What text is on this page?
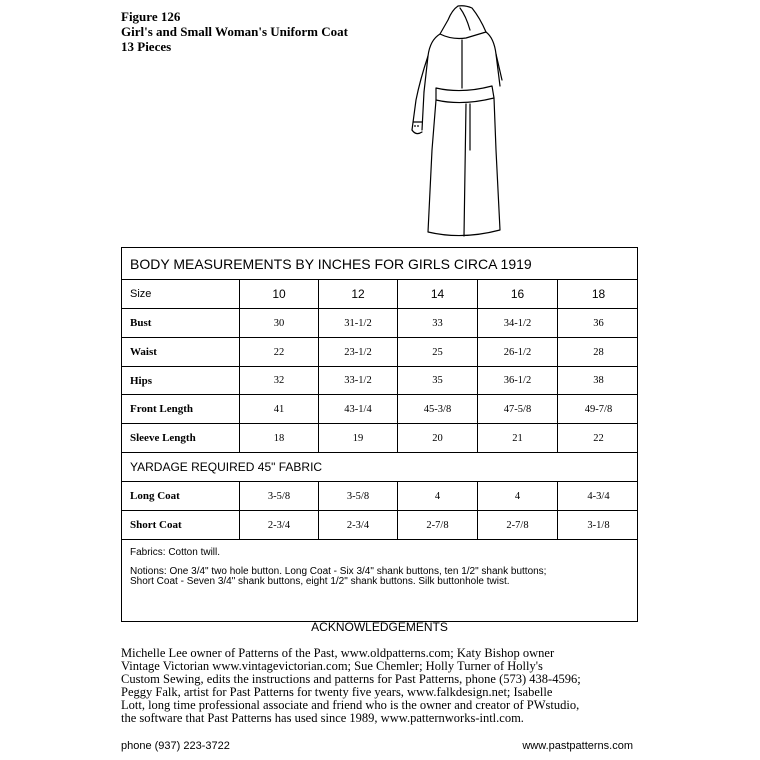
Figure 126
Girl's and Small Woman's Uniform Coat
13 Pieces
BODY MEASUREMENTS BY INCHES FOR GIRLS CIRCA 1919
Size	10	12	14	16	18
Bust	30	31-1/2	33	34-1/2	36
Waist	22	23-1/2	25	26-1/2	28
Hips	32	33-1/2	35	36-1/2	38
Front Length	41	43-1/4	45-3/8	47-5/8	49-7/8
Sleeve Length	18	19	20	21	22
YARDAGE REQUIRED 45" FABRIC
Long Coat	3-5/8	3-5/8	4	4	4-3/4
Short Coat	2-3/4	2-3/4	2-7/8	2-7/8	3-1/8
Fabrics: Cotton twill.
Notions: One 3/4" two hole button. Long Coat - Six 3/4" shank buttons, ten 1/2" shank buttons;
Short Coat - Seven 3/4" shank buttons, eight 1/2" shank buttons. Silk buttonhole twist.
ACKNOWLEDGEMENTS
Michelle Lee owner of Patterns of the Past, www.oldpatterns.com; Katy Bishop owner
Vintage Victorian www.vintagevictorian.com; Sue Chemler; Holly Turner of Holly's
Custom Sewing, edits the instructions and patterns for Past Patterns, phone (573) 438-4596;
Peggy Falk, artist for Past Patterns for twenty five years, www.falkdesign.net; Isabelle
Lott, long time professional associate and friend who is the owner and creator of PWstudio,
the software that Past Patterns has used since 1989, www.patternworks-intl.com.
phone (937) 223-3722	www.pastpatterns.com
